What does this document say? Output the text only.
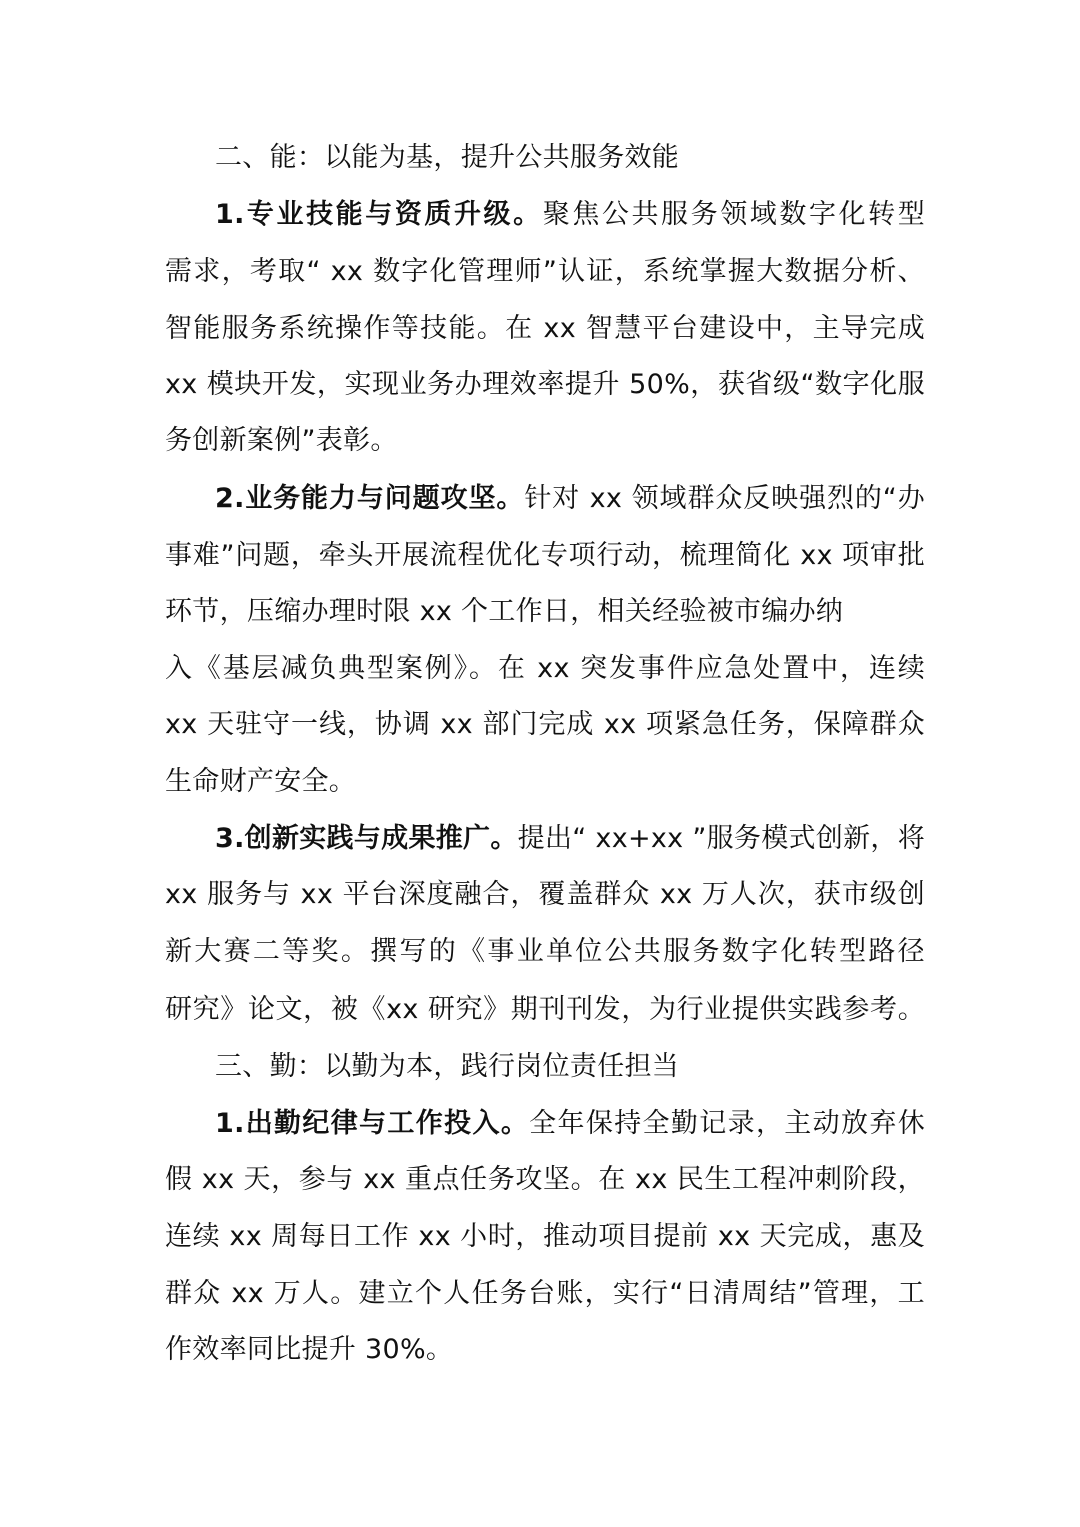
二、能：以能为基，提升公共服务效能
1.专业技能与资质升级。聚焦公共服务领域数字化转型
需求，考取“ xx 数字化管理师”认证，系统掌握大数据分析、
智能服务系统操作等技能。在 xx 智慧平台建设中，主导完成
xx 模块开发，实现业务办理效率提升 50%，获省级“数字化服
务创新案例”表彰。
2.业务能力与问题攻坚。针对 xx 领域群众反映强烈的“办
事难”问题，牵头开展流程优化专项行动，梳理简化 xx 项审批
环节，压缩办理时限 xx 个工作日，相关经验被市编办纳
入《基层减负典型案例》。在 xx 突发事件应急处置中，连续
xx 天驻守一线，协调 xx 部门完成 xx 项紧急任务，保障群众
生命财产安全。
3.创新实践与成果推广。提出“ xx+xx ”服务模式创新，将
xx 服务与 xx 平台深度融合，覆盖群众 xx 万人次，获市级创
新大赛二等奖。撰写的《事业单位公共服务数字化转型路径
研究》论文，被《xx 研究》期刊刊发，为行业提供实践参考。
三、勤：以勤为本，践行岗位责任担当
1.出勤纪律与工作投入。全年保持全勤记录，主动放弃休
假 xx 天，参与 xx 重点任务攻坚。在 xx 民生工程冲刺阶段，
连续 xx 周每日工作 xx 小时，推动项目提前 xx 天完成，惠及
群众 xx 万人。建立个人任务台账，实行“日清周结”管理，工
作效率同比提升 30%。
